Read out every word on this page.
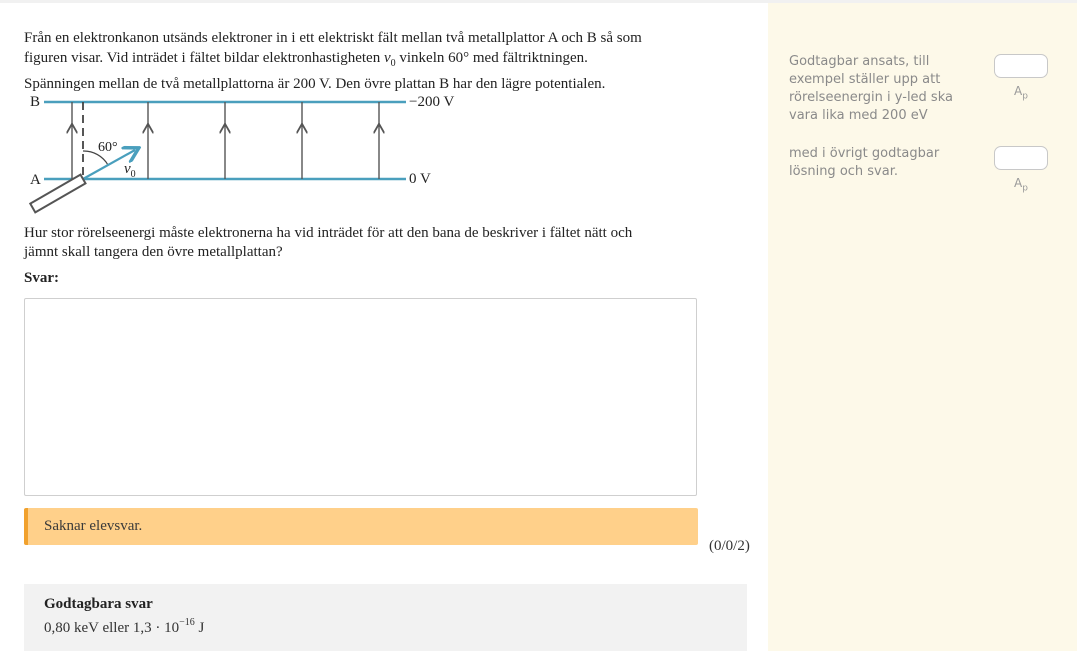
Från en elektronkanon utsänds elektroner in i ett elektriskt fält mellan två metallplattor A och B så som

figuren visar. Vid inträdet i fältet bildar elektronhastigheten $v_0$ vinkeln 60° med fältriktningen.

Spänningen mellan de två metallplattorna är 200 V. Den övre plattan B har den lägre potentialen.

B
A
−200 V
0 V
60°
$v_0$
Hur stor rörelseenergi måste elektronerna ha vid inträdet för att den bana de beskriver i fältet nätt och
jämnt skall tangera den övre metallplattan?
Svar:
Saknar elevsvar.
(0/0/2)
Godtagbara svar
0,80 keV eller $1,3 \cdot 10^{-16}$ J
Godtagbar ansats, till exempel ställer upp att rörelseenergin i y-led ska vara lika med 200 eV
$A_p$
med i övrigt godtagbar lösning och svar.
$A_p$
